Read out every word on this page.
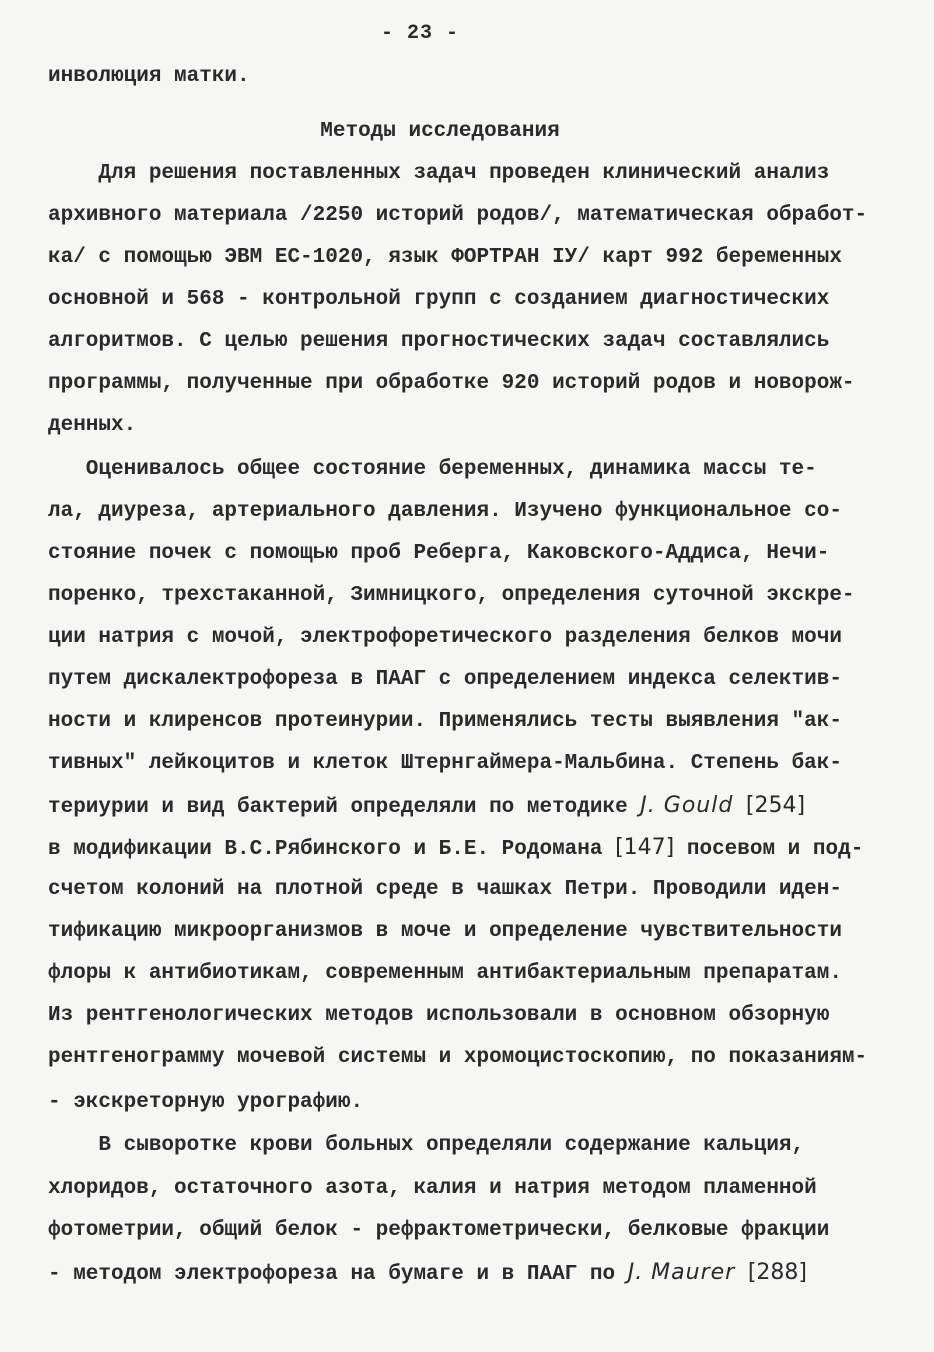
- 23 -
инволюция матки.
Методы исследования
Для решения поставленных задач проведен клинический анализ
архивного материала /2250 историй родов/, математическая обработ-
ка/ с помощью ЭВМ ЕС-1020, язык ФОРТРАН IУ/ карт 992 беременных
основной и 568 - контрольной групп с созданием диагностических
алгоритмов. С целью решения прогностических задач составлялись
программы, полученные при обработке 920 историй родов и новорож-
денных.
Оценивалось общее состояние беременных, динамика массы те-
ла, диуреза, артериального давления. Изучено функциональное со-
стояние почек с помощью проб Реберга, Каковского-Аддиса, Нечи-
поренко, трехстаканной, Зимницкого, определения суточной экскре-
ции натрия с мочой, электрофоретического разделения белков мочи
путем дискалектрофореза в ПААГ с определением индекса селектив-
ности и клиренсов протеинурии. Применялись тесты выявления "ак-
тивных" лейкоцитов и клеток Штернгаймера-Мальбина. Степень бак-
териурии и вид бактерий определяли по методике J. Gould [254]
в модификации В.С.Рябинского и Б.Е. Родомана [147] посевом и под-
счетом колоний на плотной среде в чашках Петри. Проводили иден-
тификацию микроорганизмов в моче и определение чувствительности
флоры к антибиотикам, современным антибактериальным препаратам.
Из рентгенологических методов использовали в основном обзорную
рентгенограмму мочевой системы и хромоцистоскопию, по показаниям-
- экскреторную урографию.
В сыворотке крови больных определяли содержание кальция,
хлоридов, остаточного азота, калия и натрия методом пламенной
фотометрии, общий белок - рефрактометрически, белковые фракции
- методом электрофореза на бумаге и в ПААГ по J. Maurer [288]
